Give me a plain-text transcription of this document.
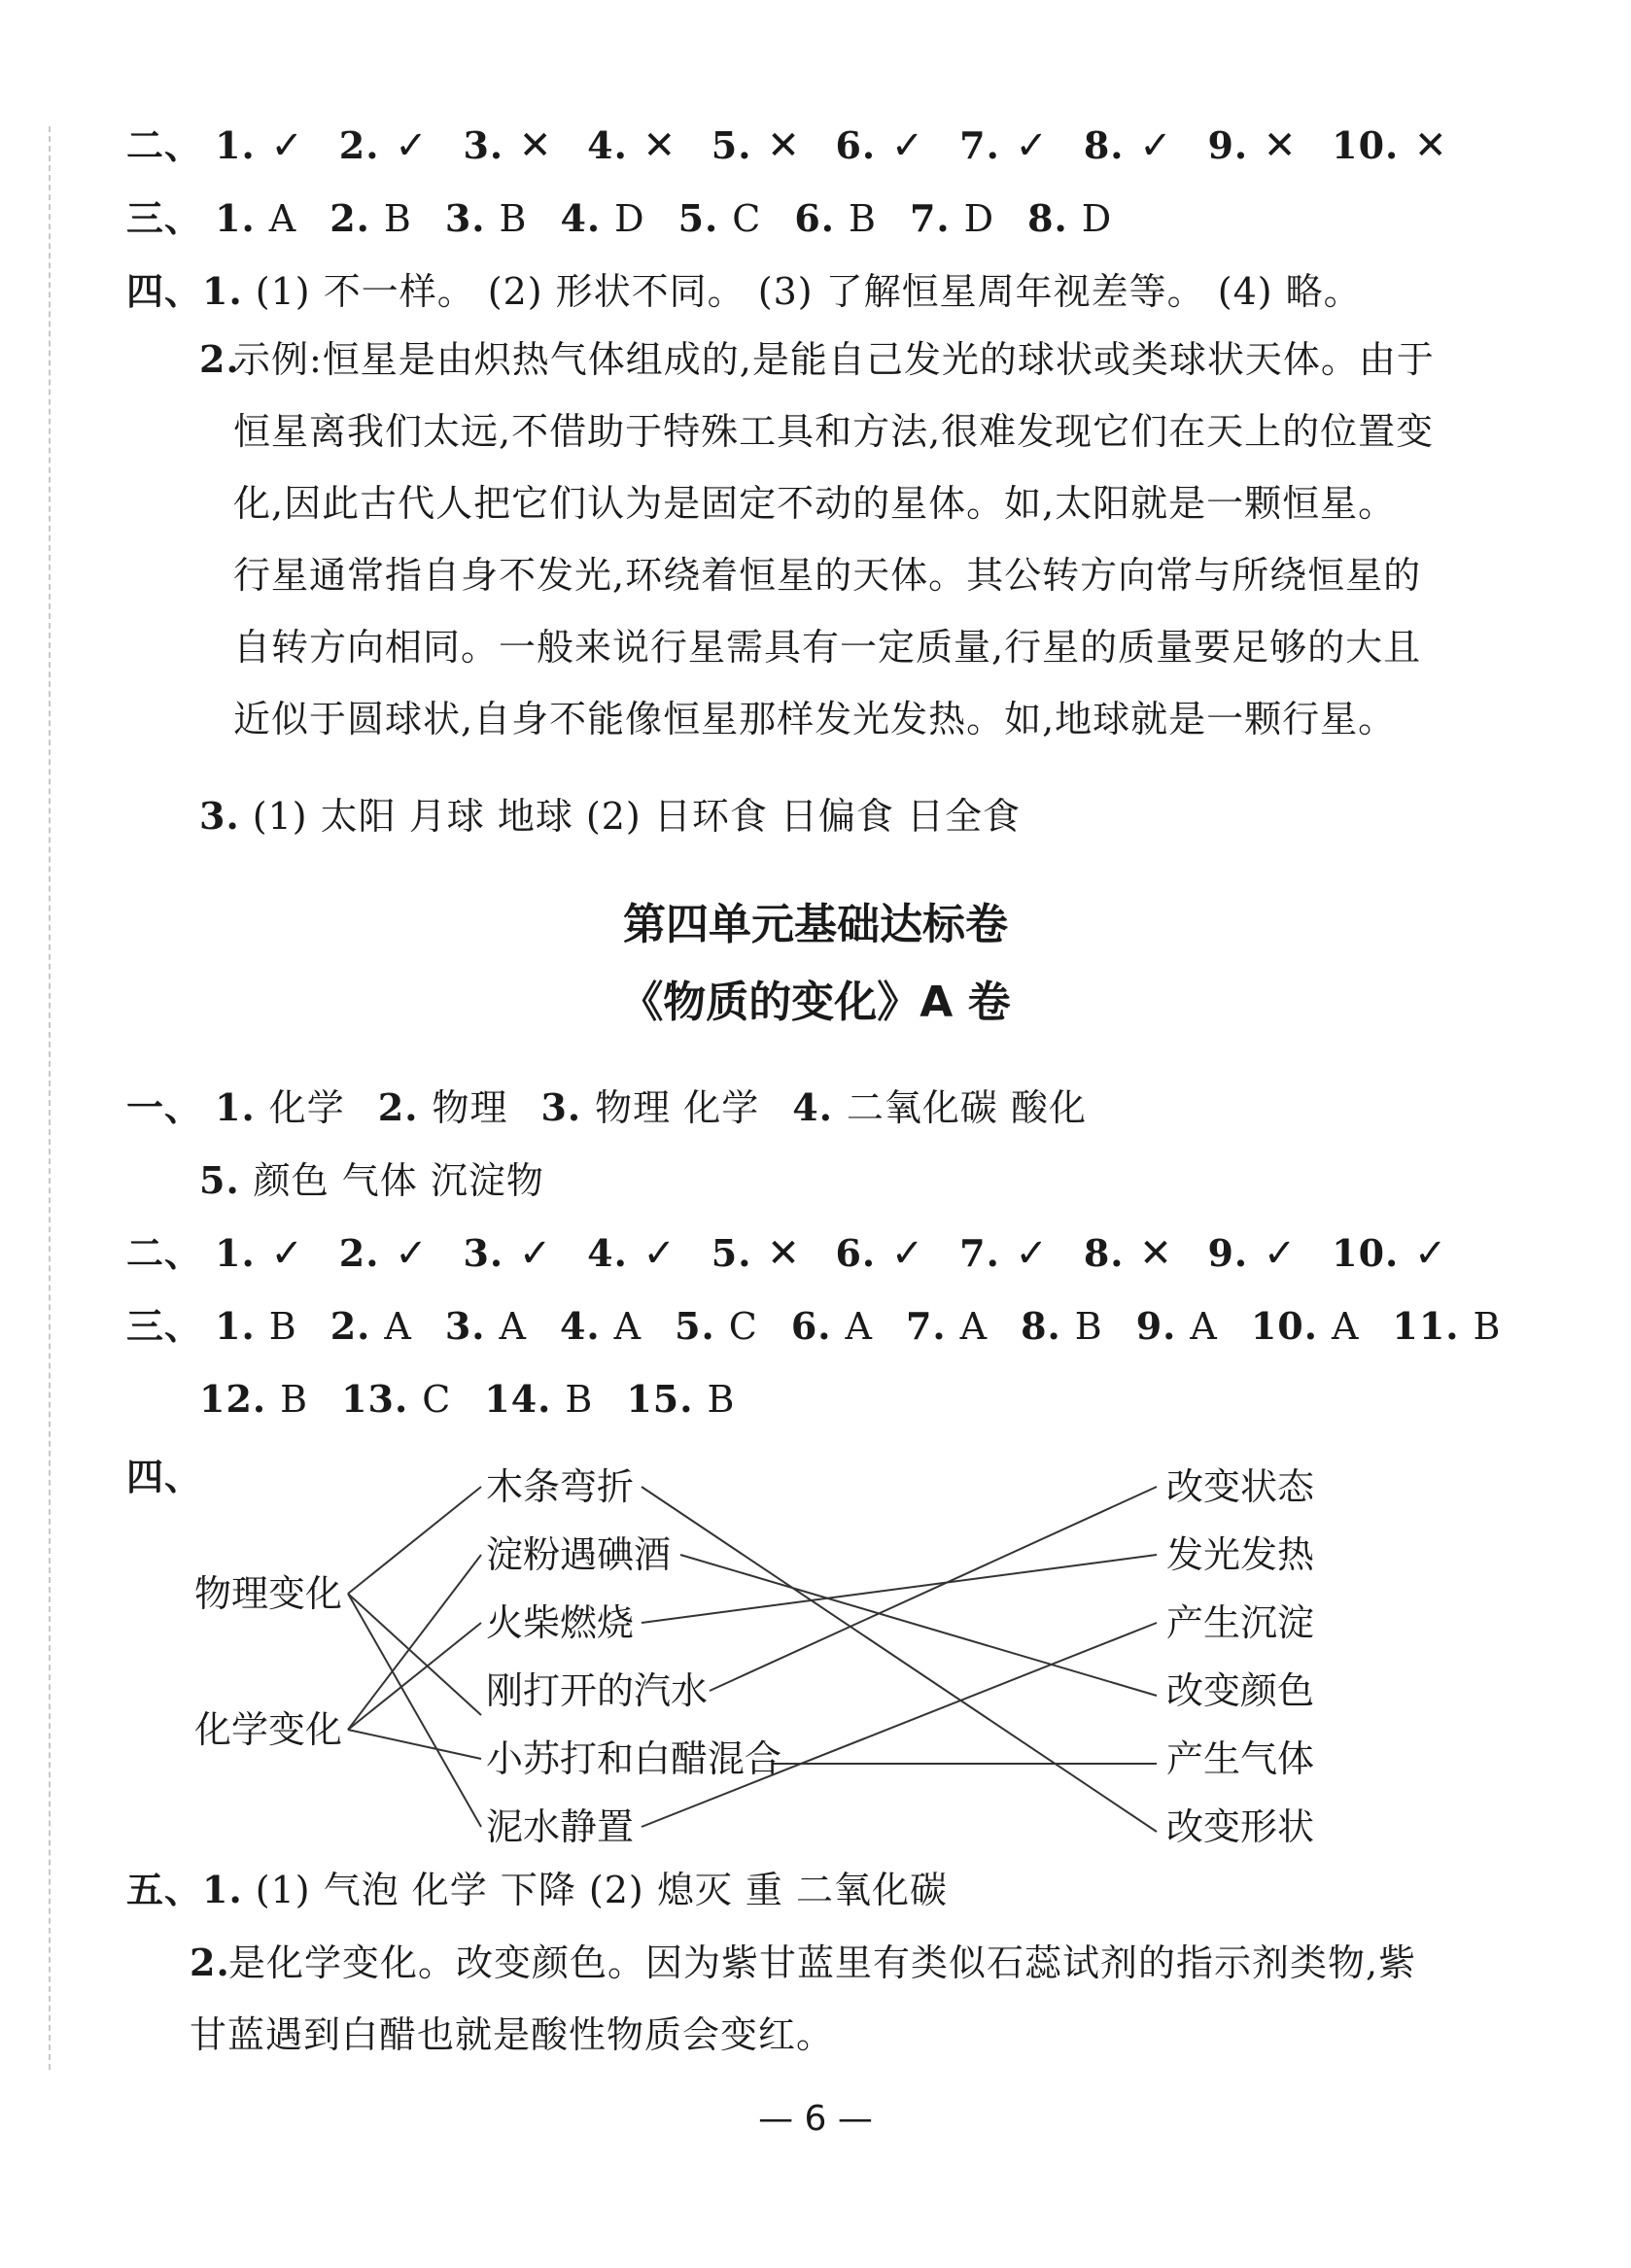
二、 1. ✓ 2. ✓ 3. ✕ 4. ✕ 5. ✕ 6. ✓ 7. ✓ 8. ✓ 9. ✕ 10. ✕
三、 1. A 2. B 3. B 4. D 5. C 6. B 7. D 8. D
四、1. (1) 不一样。 (2) 形状不同。 (3) 了解恒星周年视差等。 (4) 略。
2.
示例:恒星是由炽热气体组成的,是能自己发光的球状或类球状天体。由于
恒星离我们太远,不借助于特殊工具和方法,很难发现它们在天上的位置变
化,因此古代人把它们认为是固定不动的星体。如,太阳就是一颗恒星。
行星通常指自身不发光,环绕着恒星的天体。其公转方向常与所绕恒星的
自转方向相同。一般来说行星需具有一定质量,行星的质量要足够的大且
近似于圆球状,自身不能像恒星那样发光发热。如,地球就是一颗行星。
3. (1) 太阳 月球 地球 (2) 日环食 日偏食 日全食
第四单元基础达标卷
《物质的变化》A 卷
一、 1. 化学 2. 物理 3. 物理 化学 4. 二氧化碳 酸化
5. 颜色 气体 沉淀物
二、 1. ✓ 2. ✓ 3. ✓ 4. ✓ 5. ✕ 6. ✓ 7. ✓ 8. ✕ 9. ✓ 10. ✓
三、 1. B 2. A 3. A 4. A 5. C 6. A 7. A 8. B 9. A 10. A 11. B
12. B 13. C 14. B 15. B
四、
物理变化
化学变化
木条弯折
淀粉遇碘酒
火柴燃烧
刚打开的汽水
小苏打和白醋混合
泥水静置
改变状态
发光发热
产生沉淀
改变颜色
产生气体
改变形状
五、1. (1) 气泡 化学 下降 (2) 熄灭 重 二氧化碳
2.
是化学变化。改变颜色。因为紫甘蓝里有类似石蕊试剂的指示剂类物,紫
甘蓝遇到白醋也就是酸性物质会变红。
— 6 —
